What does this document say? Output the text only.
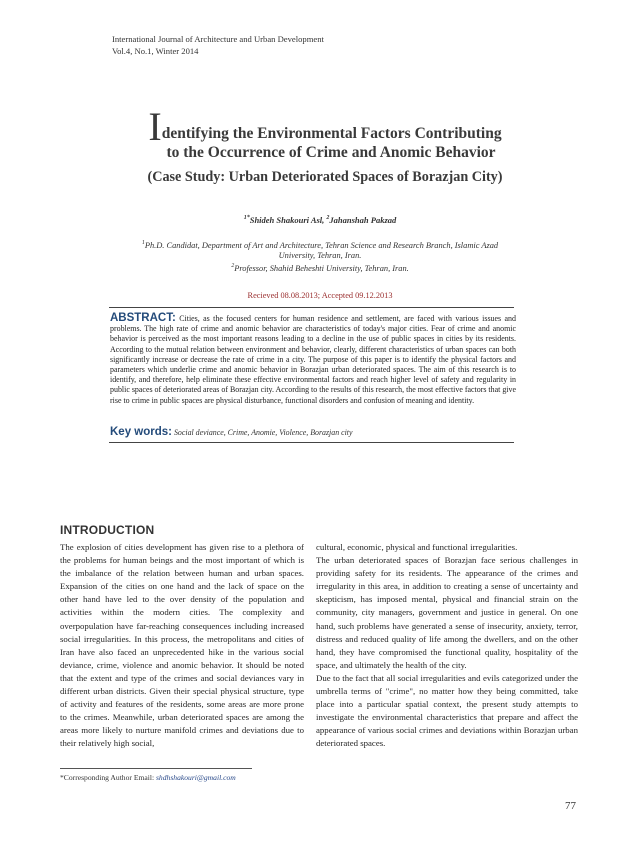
International Journal of Architecture and Urban Development
Vol.4, No.1, Winter 2014
Identifying the Environmental Factors Contributing
to the Occurrence of Crime and Anomic Behavior
(Case Study: Urban Deteriorated Spaces of Borazjan City)
$^{1*}$Shideh Shakouri Asl, $^2$Jahanshah Pakzad
$^1$Ph.D. Candidat, Department of Art and Architecture, Tehran Science and Research Branch, Islamic Azad
University, Tehran, Iran.
$^2$Professor, Shahid Beheshti University, Tehran, Iran.
Recieved 08.08.2013; Accepted 09.12.2013
ABSTRACT: Cities, as the focused centers for human residence and settlement, are faced with various issues and problems. The high rate of crime and anomic behavior are characteristics of today's major cities. Fear of crime and anomic behavior is perceived as the most important reasons leading to a decline in the use of public spaces in cities by its residents. According to the mutual relation between environment and behavior, clearly, different characteristics of urban spaces can both significantly increase or decrease the rate of crime in a city. The purpose of this paper is to identify the physical factors and parameters which underlie crime and anomic behavior in Borazjan urban deteriorated spaces. The aim of this research is to identify, and therefore, help eliminate these effective environmental factors and reach higher level of safety and regularity in public spaces of deteriorated areas of Borazjan city. According to the results of this research, the most effective factors that give rise to crime in public spaces are physical disturbance, functional disorders and confusion of meaning and identity.
Key words: Social deviance, Crime, Anomie, Violence, Borazjan city
INTRODUCTION

The explosion of cities development has given rise to a plethora of the problems for human beings and the most important of which is the imbalance of the relation between human and urban spaces. Expansion of the cities on one hand and the lack of space on the other hand have led to the over density of the population and activities within the modern cities. The complexity and overpopulation have far-reaching consequences including increased social irregularities. In this process, the metropolitans and cities of Iran have also faced an unprecedented hike in the various social deviance, crime, violence and anomic behavior. It should be noted that the extent and type of the crimes and social deviances vary in different urban districts. Given their special physical structure, type of activity and features of the residents, some areas are more prone to the crimes. Meanwhile, urban deteriorated spaces are among the areas more likely to nurture manifold crimes and deviations due to their relatively high social,

cultural, economic, physical and functional irregularities.

The urban deteriorated spaces of Borazjan face serious challenges in providing safety for its residents. The appearance of the crimes and irregularity in this area, in addition to creating a sense of uncertainty and skepticism, has imposed mental, physical and financial strain on the community, city managers, government and justice in general. On one hand, such problems have generated a sense of insecurity, anxiety, terror, distress and reduced quality of life among the dwellers, and on the other hand, they have compromised the functional quality, hospitality of the space, and ultimately the health of the city.

Due to the fact that all social irregularities and evils categorized under the umbrella terms of "crime", no matter how they being committed, take place into a particular spatial context, the present study attempts to investigate the environmental characteristics that prepare and affect the appearance of various social crimes and deviations within Borazjan urban deteriorated spaces.

*Corresponding Author Email: shdhshakouri@gmail.com
77
